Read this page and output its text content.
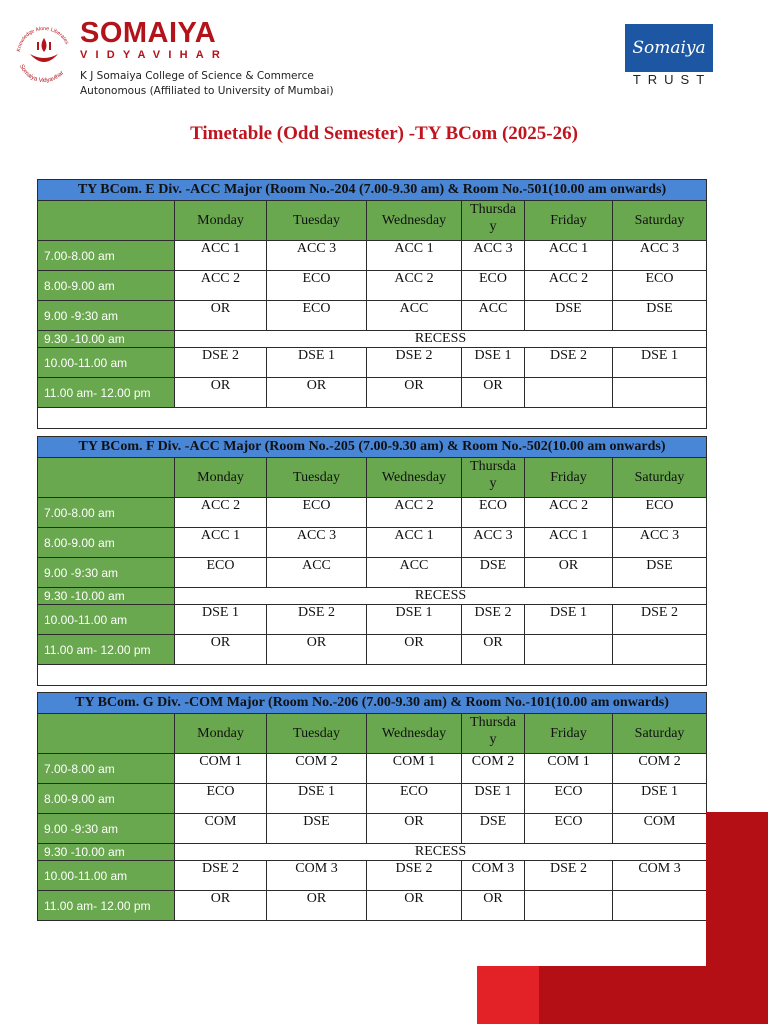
Knowledge Alone Liberates
Somaiya Vidyavihar
SOMAIYA
VIDYAVIHAR
K J Somaiya College of Science & Commerce
Autonomous (Affiliated to University of Mumbai)
Somaiya
TRUST
Timetable (Odd Semester) -TY BCom (2025-26)
TY BCom. E Div. -ACC Major (Room No.-204 (7.00-9.30 am) & Room No.-501(10.00 am onwards)						
	Monday	Tuesday	Wednesday	Thursda y	Friday	Saturday
7.00-8.00 am	ACC 1	ACC 3	ACC 1	ACC 3	ACC 1	ACC 3
8.00-9.00 am	ACC 2	ECO	ACC 2	ECO	ACC 2	ECO
9.00 -9:30 am	OR	ECO	ACC	ACC	DSE	DSE
9.30 -10.00 am	RECESS					
10.00-11.00 am	DSE 2	DSE 1	DSE 2	DSE 1	DSE 2	DSE 1
11.00 am- 12.00 pm	OR	OR	OR	OR		

TY BCom. F Div. -ACC Major (Room No.-205 (7.00-9.30 am) & Room No.-502(10.00 am onwards)						
	Monday	Tuesday	Wednesday	Thursda y	Friday	Saturday
7.00-8.00 am	ACC 2	ECO	ACC 2	ECO	ACC 2	ECO
8.00-9.00 am	ACC 1	ACC 3	ACC 1	ACC 3	ACC 1	ACC 3
9.00 -9:30 am	ECO	ACC	ACC	DSE	OR	DSE
9.30 -10.00 am	RECESS					
10.00-11.00 am	DSE 1	DSE 2	DSE 1	DSE 2	DSE 1	DSE 2
11.00 am- 12.00 pm	OR	OR	OR	OR		

TY BCom. G Div. -COM Major (Room No.-206 (7.00-9.30 am) & Room No.-101(10.00 am onwards)						
	Monday	Tuesday	Wednesday	Thursda y	Friday	Saturday
7.00-8.00 am	COM 1	COM 2	COM 1	COM 2	COM 1	COM 2
8.00-9.00 am	ECO	DSE 1	ECO	DSE 1	ECO	DSE 1
9.00 -9:30 am	COM	DSE	OR	DSE	ECO	COM
9.30 -10.00 am	RECESS					
10.00-11.00 am	DSE 2	COM 3	DSE 2	COM 3	DSE 2	COM 3
11.00 am- 12.00 pm	OR	OR	OR	OR		
